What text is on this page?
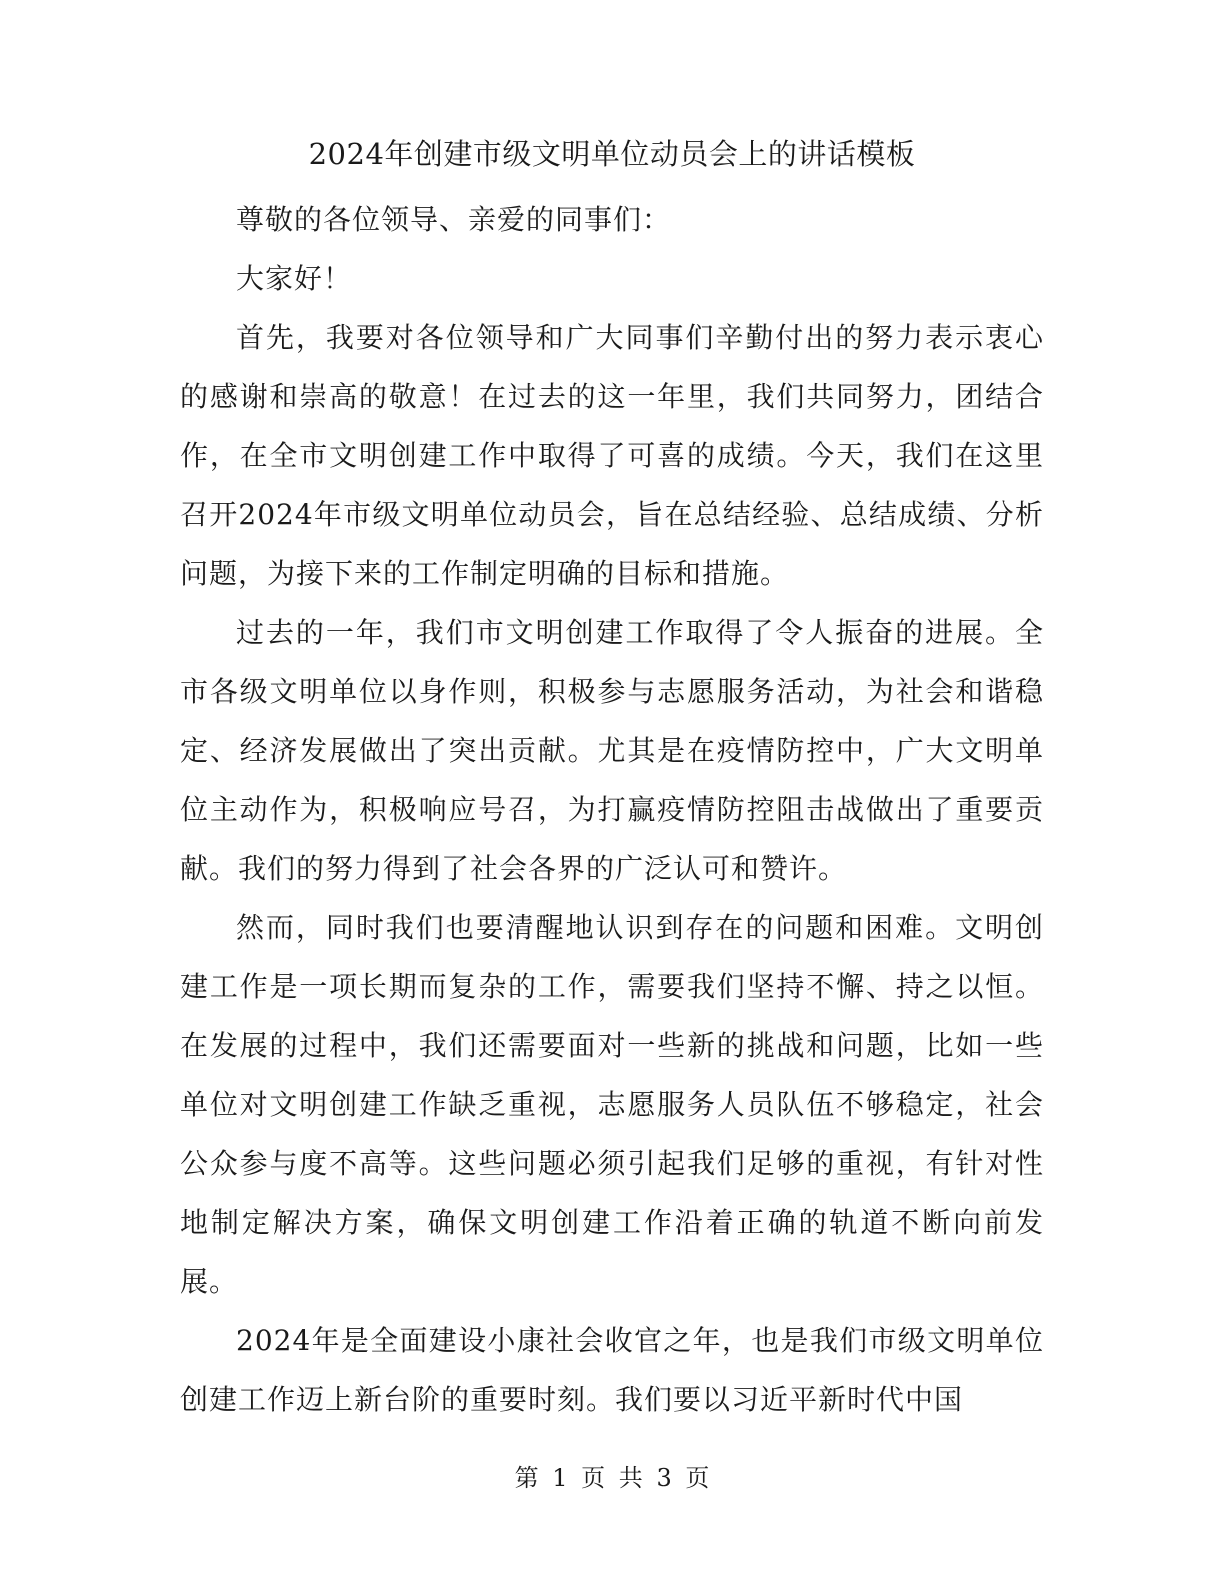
2024年创建市级文明单位动员会上的讲话模板

尊敬的各位领导、亲爱的同事们：

大家好！

首先，我要对各位领导和广大同事们辛勤付出的努力表示衷心的感谢和崇高的敬意！在过去的这一年里，我们共同努力，团结合作，在全市文明创建工作中取得了可喜的成绩。今天，我们在这里召开2024年市级文明单位动员会，旨在总结经验、总结成绩、分析问题，为接下来的工作制定明确的目标和措施。

过去的一年，我们市文明创建工作取得了令人振奋的进展。全市各级文明单位以身作则，积极参与志愿服务活动，为社会和谐稳定、经济发展做出了突出贡献。尤其是在疫情防控中，广大文明单位主动作为，积极响应号召，为打赢疫情防控阻击战做出了重要贡献。我们的努力得到了社会各界的广泛认可和赞许。

然而，同时我们也要清醒地认识到存在的问题和困难。文明创建工作是一项长期而复杂的工作，需要我们坚持不懈、持之以恒。在发展的过程中，我们还需要面对一些新的挑战和问题，比如一些单位对文明创建工作缺乏重视，志愿服务人员队伍不够稳定，社会公众参与度不高等。这些问题必须引起我们足够的重视，有针对性地制定解决方案，确保文明创建工作沿着正确的轨道不断向前发展。

2024年是全面建设小康社会收官之年，也是我们市级文明单位创建工作迈上新台阶的重要时刻。我们要以习近平新时代中国

第 1 页 共 3 页
